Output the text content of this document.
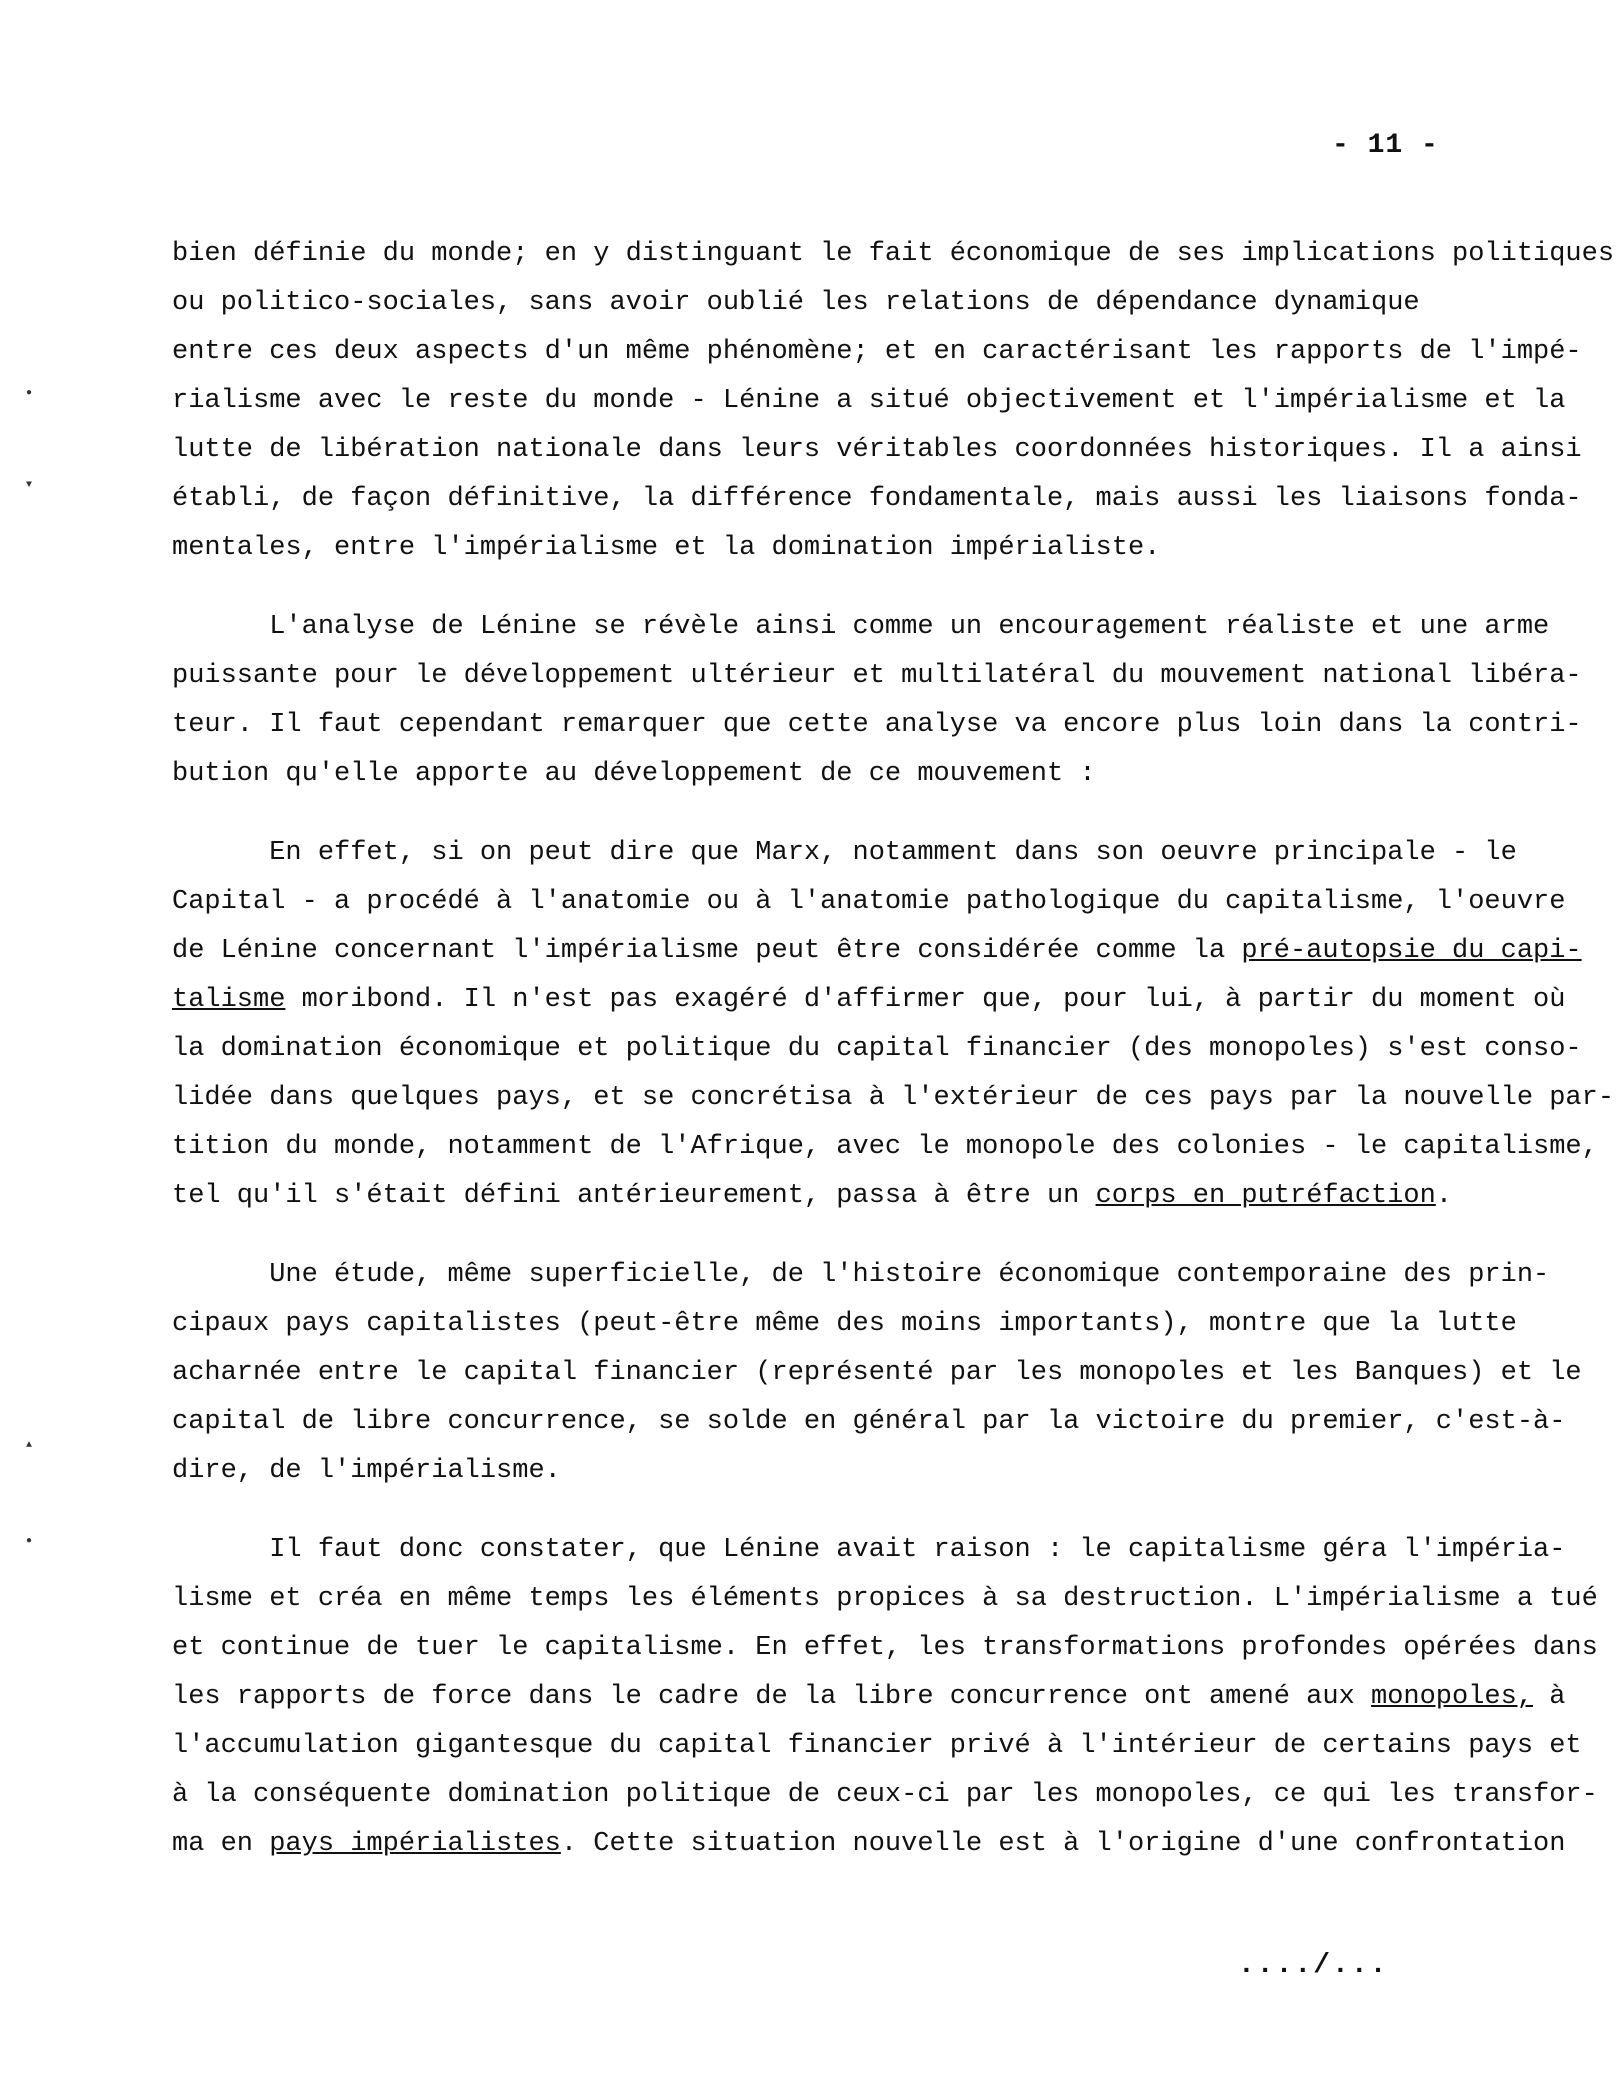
- 11 -
bien définie du monde; en y distinguant le fait économique de ses implications politiques
ou politico-sociales, sans avoir oublié les relations de dépendance dynamique
entre ces deux aspects d'un même phénomène; et en caractérisant les rapports de l'impé-
rialisme avec le reste du monde - Lénine a situé objectivement et l'impérialisme et la
lutte de libération nationale dans leurs véritables coordonnées historiques. Il a ainsi
établi, de façon définitive, la différence fondamentale, mais aussi les liaisons fonda-
mentales, entre l'impérialisme et la domination impérialiste.
L'analyse de Lénine se révèle ainsi comme un encouragement réaliste et une arme
puissante pour le développement ultérieur et multilatéral du mouvement national libéra-
teur. Il faut cependant remarquer que cette analyse va encore plus loin dans la contri-
bution qu'elle apporte au développement de ce mouvement :
En effet, si on peut dire que Marx, notamment dans son oeuvre principale - le
Capital - a procédé à l'anatomie ou à l'anatomie pathologique du capitalisme, l'oeuvre
de Lénine concernant l'impérialisme peut être considérée comme la pré-autopsie du capi-
talisme moribond. Il n'est pas exagéré d'affirmer que, pour lui, à partir du moment où
la domination économique et politique du capital financier (des monopoles) s'est conso-
lidée dans quelques pays, et se concrétisa à l'extérieur de ces pays par la nouvelle par-
tition du monde, notamment de l'Afrique, avec le monopole des colonies - le capitalisme,
tel qu'il s'était défini antérieurement, passa à être un corps en putréfaction.
Une étude, même superficielle, de l'histoire économique contemporaine des prin-
cipaux pays capitalistes (peut-être même des moins importants), montre que la lutte
acharnée entre le capital financier (représenté par les monopoles et les Banques) et le
capital de libre concurrence, se solde en général par la victoire du premier, c'est-à-
dire, de l'impérialisme.
Il faut donc constater, que Lénine avait raison : le capitalisme géra l'impéria-
lisme et créa en même temps les éléments propices à sa destruction. L'impérialisme a tué
et continue de tuer le capitalisme. En effet, les transformations profondes opérées dans
les rapports de force dans le cadre de la libre concurrence ont amené aux monopoles, à
l'accumulation gigantesque du capital financier privé à l'intérieur de certains pays et
à la conséquente domination politique de ceux-ci par les monopoles, ce qui les transfor-
ma en pays impérialistes. Cette situation nouvelle est à l'origine d'une confrontation
..../...
●
▼
▲
●
